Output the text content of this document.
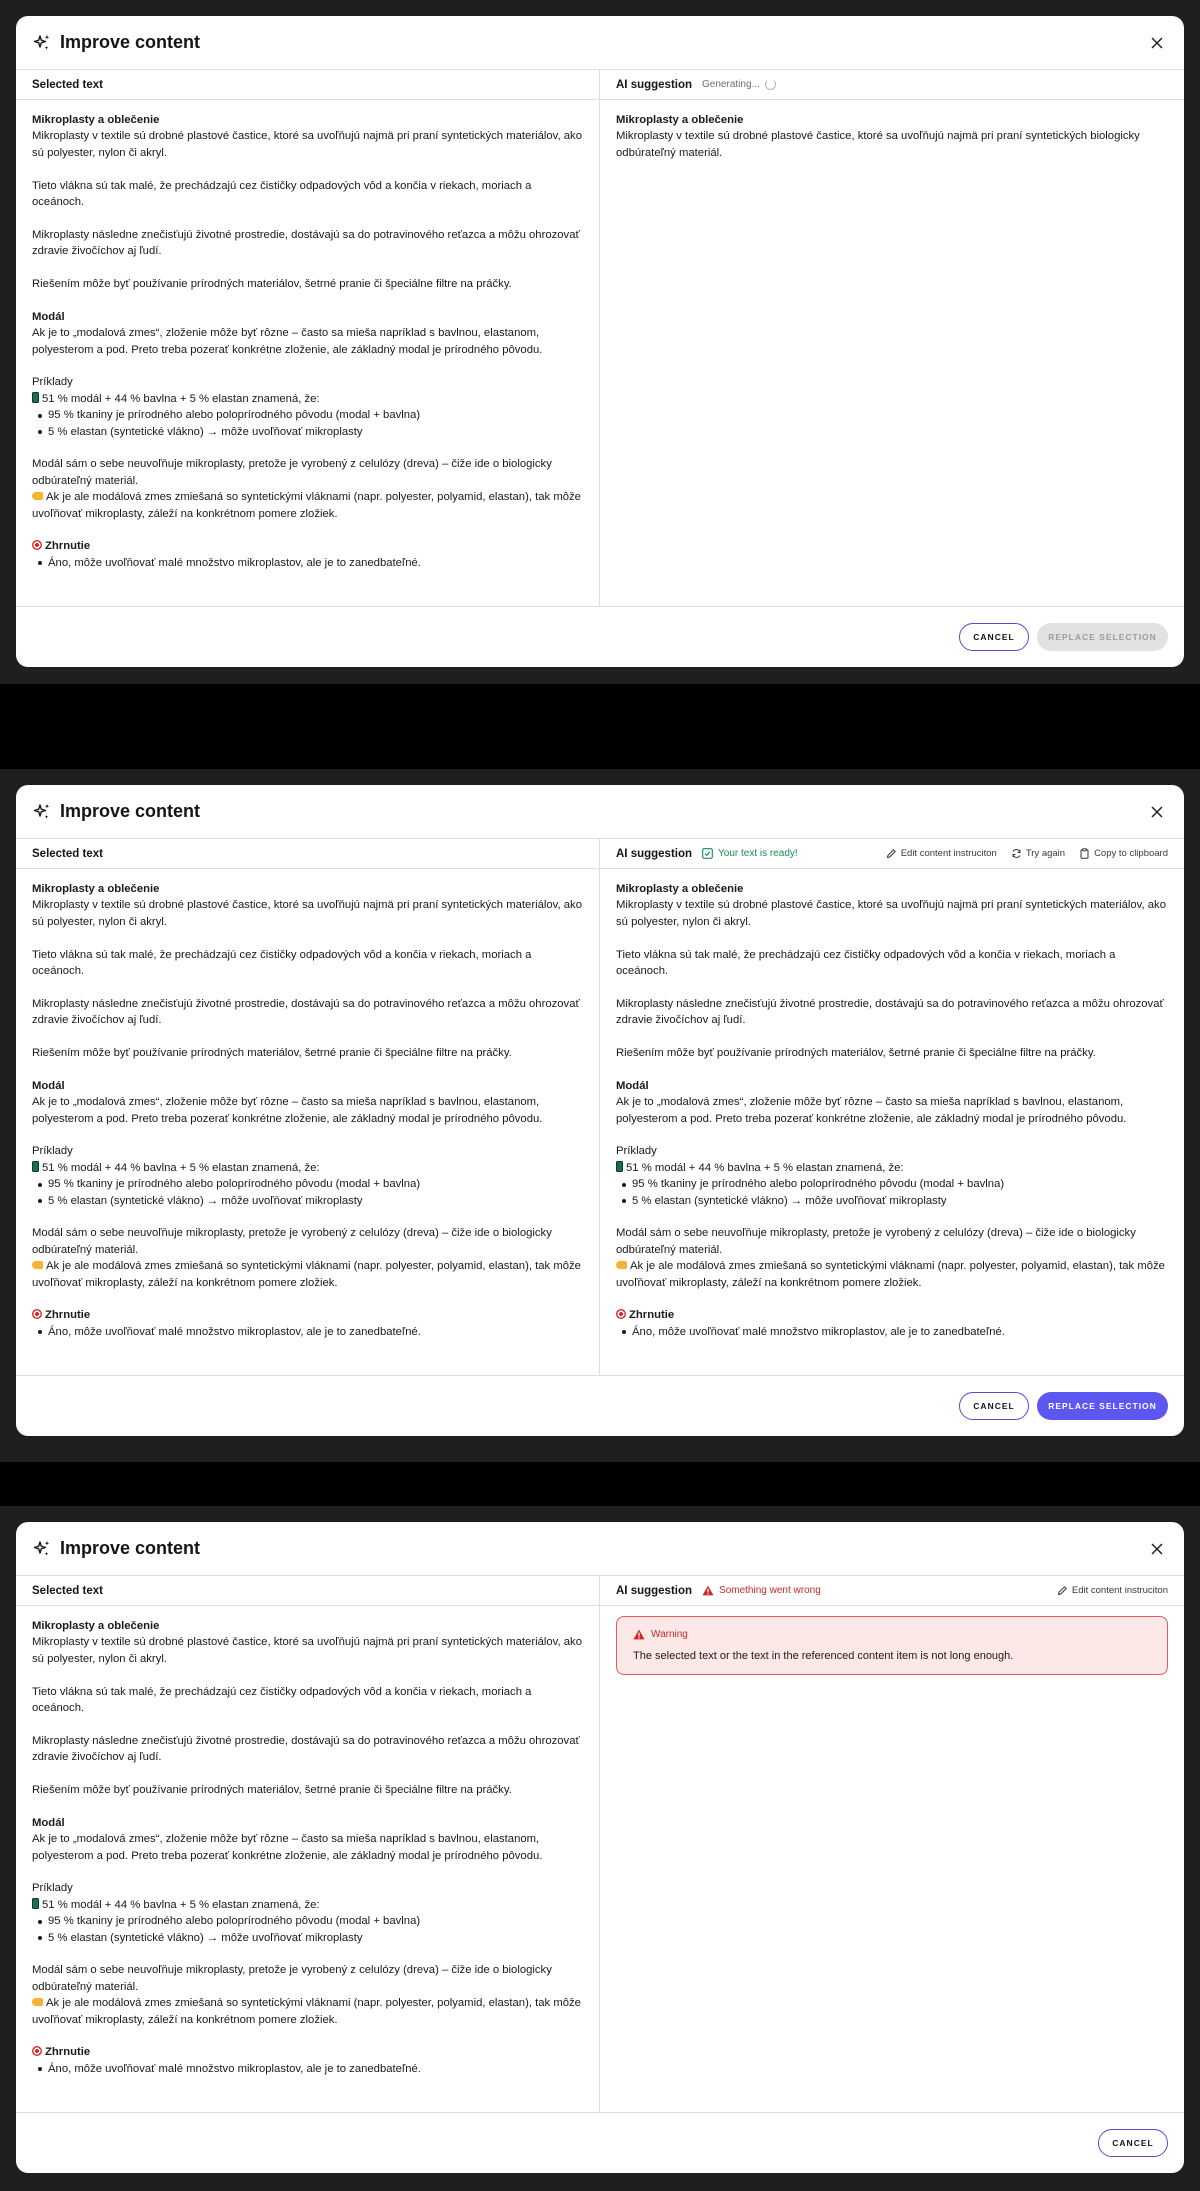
Improve content
Selected text

Mikroplasty a oblečenie

Mikroplasty v textile sú drobné plastové častice, ktoré sa uvoľňujú najmä pri praní syntetických materiálov, ako sú polyester, nylon či akryl.

Tieto vlákna sú tak malé, že prechádzajú cez čističky odpadových vôd a končia v riekach, moriach a oceánoch.

Mikroplasty následne znečisťujú životné prostredie, dostávajú sa do potravinového reťazca a môžu ohrozovať zdravie živočíchov aj ľudí.

Riešením môže byť používanie prírodných materiálov, šetrné pranie či špeciálne filtre na práčky.

Modál

Ak je to „modalová zmes“, zloženie môže byť rôzne – často sa mieša napríklad s bavlnou, elastanom, polyesterom a pod. Preto treba pozerať konkrétne zloženie, ale základný modal je prírodného pôvodu.

Príklady

51 % modál + 44 % bavlna + 5 % elastan znamená, že:

95 % tkaniny je prírodného alebo poloprírodného pôvodu (modal + bavlna)
5 % elastan (syntetické vlákno) → môže uvoľňovať mikroplasty

Modál sám o sebe neuvoľňuje mikroplasty, pretože je vyrobený z celulózy (dreva) – čiže ide o biologicky odbúrateľný materiál.

Ak je ale modálová zmes zmiešaná so syntetickými vláknami (napr. polyester, polyamid, elastan), tak môže uvoľňovať mikroplasty, záleží na konkrétnom pomere zložiek.

Zhrnutie

Áno, môže uvoľňovať malé množstvo mikroplastov, ale je to zanedbateľné.
AI suggestion Generating...

Mikroplasty a oblečenie

Mikroplasty v textile sú drobné plastové častice, ktoré sa uvoľňujú najmä pri praní syntetických biologicky odbúrateľný materiál.

CANCEL	REPLACE SELECTION
Improve content
Selected text

Mikroplasty a oblečenie

Mikroplasty v textile sú drobné plastové častice, ktoré sa uvoľňujú najmä pri praní syntetických materiálov, ako sú polyester, nylon či akryl.

Tieto vlákna sú tak malé, že prechádzajú cez čističky odpadových vôd a končia v riekach, moriach a oceánoch.

Mikroplasty následne znečisťujú životné prostredie, dostávajú sa do potravinového reťazca a môžu ohrozovať zdravie živočíchov aj ľudí.

Riešením môže byť používanie prírodných materiálov, šetrné pranie či špeciálne filtre na práčky.

Modál

Ak je to „modalová zmes“, zloženie môže byť rôzne – často sa mieša napríklad s bavlnou, elastanom, polyesterom a pod. Preto treba pozerať konkrétne zloženie, ale základný modal je prírodného pôvodu.

Príklady

51 % modál + 44 % bavlna + 5 % elastan znamená, že:

95 % tkaniny je prírodného alebo poloprírodného pôvodu (modal + bavlna)
5 % elastan (syntetické vlákno) → môže uvoľňovať mikroplasty

Modál sám o sebe neuvoľňuje mikroplasty, pretože je vyrobený z celulózy (dreva) – čiže ide o biologicky odbúrateľný materiál.

Ak je ale modálová zmes zmiešaná so syntetickými vláknami (napr. polyester, polyamid, elastan), tak môže uvoľňovať mikroplasty, záleží na konkrétnom pomere zložiek.

Zhrnutie

Áno, môže uvoľňovať malé množstvo mikroplastov, ale je to zanedbateľné.
AI suggestion	Your text is ready!	Edit content instruciton	Try again	Copy to clipboard

Mikroplasty a oblečenie

Mikroplasty v textile sú drobné plastové častice, ktoré sa uvoľňujú najmä pri praní syntetických materiálov, ako sú polyester, nylon či akryl.

Tieto vlákna sú tak malé, že prechádzajú cez čističky odpadových vôd a končia v riekach, moriach a oceánoch.

Mikroplasty následne znečisťujú životné prostredie, dostávajú sa do potravinového reťazca a môžu ohrozovať zdravie živočíchov aj ľudí.

Riešením môže byť používanie prírodných materiálov, šetrné pranie či špeciálne filtre na práčky.

Modál

Ak je to „modalová zmes“, zloženie môže byť rôzne – často sa mieša napríklad s bavlnou, elastanom, polyesterom a pod. Preto treba pozerať konkrétne zloženie, ale základný modal je prírodného pôvodu.

Príklady

51 % modál + 44 % bavlna + 5 % elastan znamená, že:

95 % tkaniny je prírodného alebo poloprírodného pôvodu (modal + bavlna)
5 % elastan (syntetické vlákno) → môže uvoľňovať mikroplasty

Modál sám o sebe neuvoľňuje mikroplasty, pretože je vyrobený z celulózy (dreva) – čiže ide o biologicky odbúrateľný materiál.

Ak je ale modálová zmes zmiešaná so syntetickými vláknami (napr. polyester, polyamid, elastan), tak môže uvoľňovať mikroplasty, záleží na konkrétnom pomere zložiek.

Zhrnutie

Áno, môže uvoľňovať malé množstvo mikroplastov, ale je to zanedbateľné.
CANCEL	REPLACE SELECTION
Improve content
Selected text

Mikroplasty a oblečenie

Mikroplasty v textile sú drobné plastové častice, ktoré sa uvoľňujú najmä pri praní syntetických materiálov, ako sú polyester, nylon či akryl.

Tieto vlákna sú tak malé, že prechádzajú cez čističky odpadových vôd a končia v riekach, moriach a oceánoch.

Mikroplasty následne znečisťujú životné prostredie, dostávajú sa do potravinového reťazca a môžu ohrozovať zdravie živočíchov aj ľudí.

Riešením môže byť používanie prírodných materiálov, šetrné pranie či špeciálne filtre na práčky.

Modál

Ak je to „modalová zmes“, zloženie môže byť rôzne – často sa mieša napríklad s bavlnou, elastanom, polyesterom a pod. Preto treba pozerať konkrétne zloženie, ale základný modal je prírodného pôvodu.

Príklady

51 % modál + 44 % bavlna + 5 % elastan znamená, že:

95 % tkaniny je prírodného alebo poloprírodného pôvodu (modal + bavlna)
5 % elastan (syntetické vlákno) → môže uvoľňovať mikroplasty

Modál sám o sebe neuvoľňuje mikroplasty, pretože je vyrobený z celulózy (dreva) – čiže ide o biologicky odbúrateľný materiál.

Ak je ale modálová zmes zmiešaná so syntetickými vláknami (napr. polyester, polyamid, elastan), tak môže uvoľňovať mikroplasty, záleží na konkrétnom pomere zložiek.

Zhrnutie

Áno, môže uvoľňovať malé množstvo mikroplastov, ale je to zanedbateľné.
AI suggestion	Something went wrong	Edit content instruciton
Warning
The selected text or the text in the referenced content item is not long enough.
CANCEL
